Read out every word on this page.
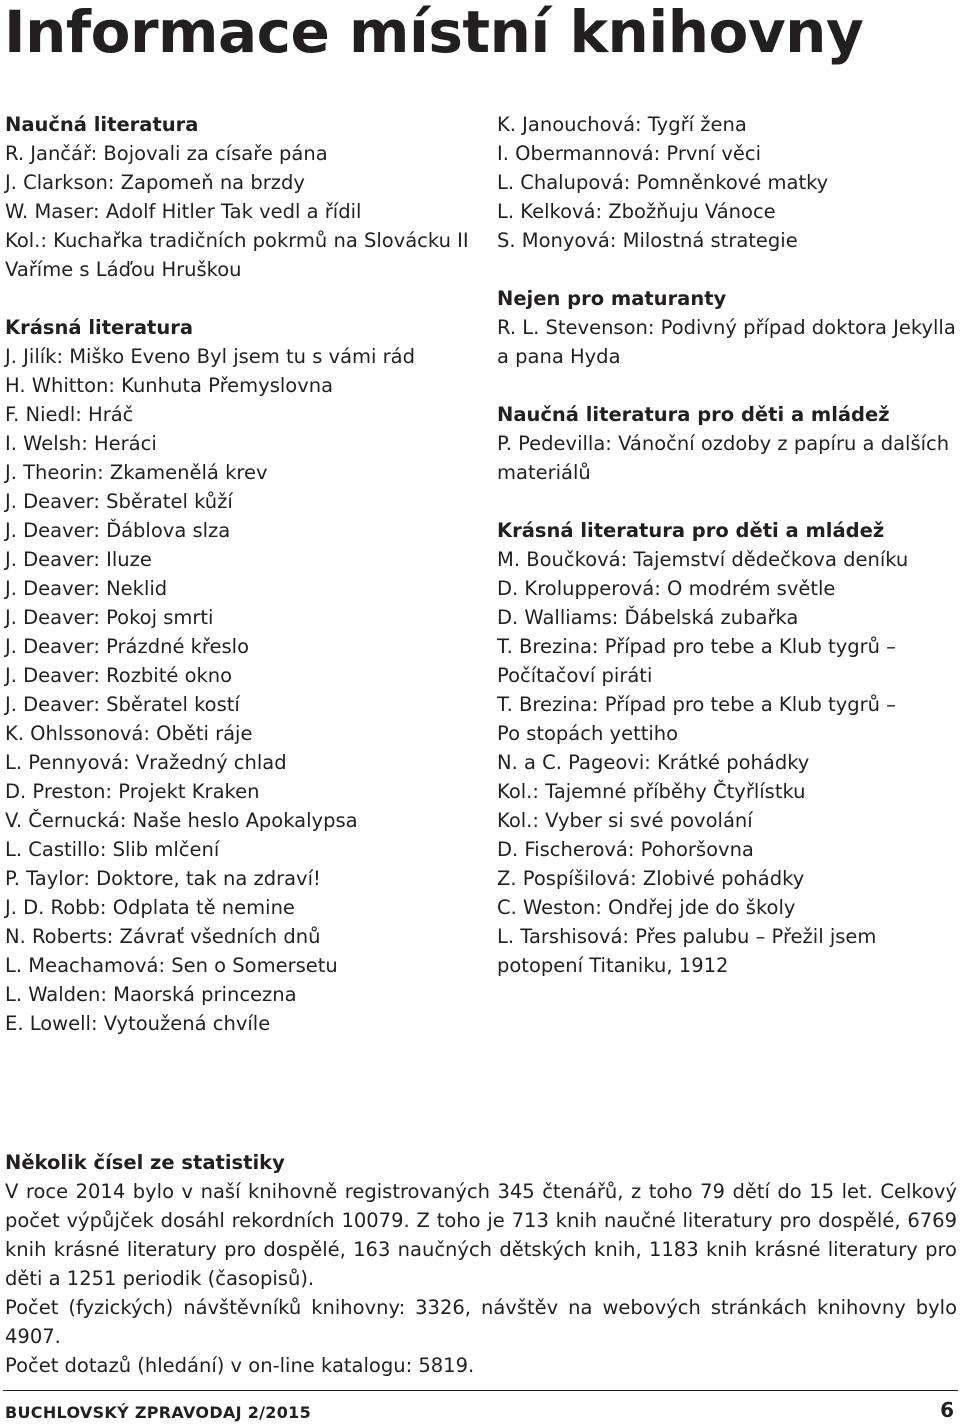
Informace místní knihovny
Naučná literatura
R. Jančář: Bojovali za císaře pána
J. Clarkson: Zapomeň na brzdy
W. Maser: Adolf Hitler Tak vedl a řídil
Kol.: Kuchařka tradičních pokrmů na Slovácku II
Vaříme s Láďou Hruškou
Krásná literatura
J. Jilík: Miško Eveno Byl jsem tu s vámi rád
H. Whitton: Kunhuta Přemyslovna
F. Niedl: Hráč
I. Welsh: Heráci
J. Theorin: Zkamenělá krev
J. Deaver: Sběratel kůží
J. Deaver: Ďáblova slza
J. Deaver: Iluze
J. Deaver: Neklid
J. Deaver: Pokoj smrti
J. Deaver: Prázdné křeslo
J. Deaver: Rozbité okno
J. Deaver: Sběratel kostí
K. Ohlssonová: Oběti ráje
L. Pennyová: Vražedný chlad
D. Preston: Projekt Kraken
V. Černucká: Naše heslo Apokalypsa
L. Castillo: Slib mlčení
P. Taylor: Doktore, tak na zdraví!
J. D. Robb: Odplata tě nemine
N. Roberts: Závrať všedních dnů
L. Meachamová: Sen o Somersetu
L. Walden: Maorská princezna
E. Lowell: Vytoužená chvíle
K. Janouchová: Tygří žena
I. Obermannová: První věci
L. Chalupová: Pomněnkové matky
L. Kelková: Zbožňuju Vánoce
S. Monyová: Milostná strategie
Nejen pro maturanty
R. L. Stevenson: Podivný případ doktora Jekylla
a pana Hyda
Naučná literatura pro děti a mládež
P. Pedevilla: Vánoční ozdoby z papíru a dalších
materiálů
Krásná literatura pro děti a mládež
M. Boučková: Tajemství dědečkova deníku
D. Krolupperová: O modrém světle
D. Walliams: Ďábelská zubařka
T. Brezina: Případ pro tebe a Klub tygrů –
Počítačoví piráti
T. Brezina: Případ pro tebe a Klub tygrů –
Po stopách yettiho
N. a C. Pageovi: Krátké pohádky
Kol.: Tajemné příběhy Čtyřlístku
Kol.: Vyber si své povolání
D. Fischerová: Pohoršovna
Z. Pospíšilová: Zlobivé pohádky
C. Weston: Ondřej jde do školy
L. Tarshisová: Přes palubu – Přežil jsem
potopení Titaniku, 1912
Několik čísel ze statistiky

V roce 2014 bylo v naší knihovně registrovaných 345 čtenářů, z toho 79 dětí do 15 let. Celkový počet výpůjček dosáhl rekordních 10079. Z toho je 713 knih naučné literatury pro dospělé, 6769 knih krásné literatury pro dospělé, 163 naučných dětských knih, 1183 knih krásné literatury pro děti a 1251 periodik (časopisů).

Počet (fyzických) návštěvníků knihovny: 3326, návštěv na webových stránkách knihovny bylo 4907.

Počet dotazů (hledání) v on-line katalogu: 5819.

BUCHLOVSKÝ ZPRAVODAJ 2/2015	6
